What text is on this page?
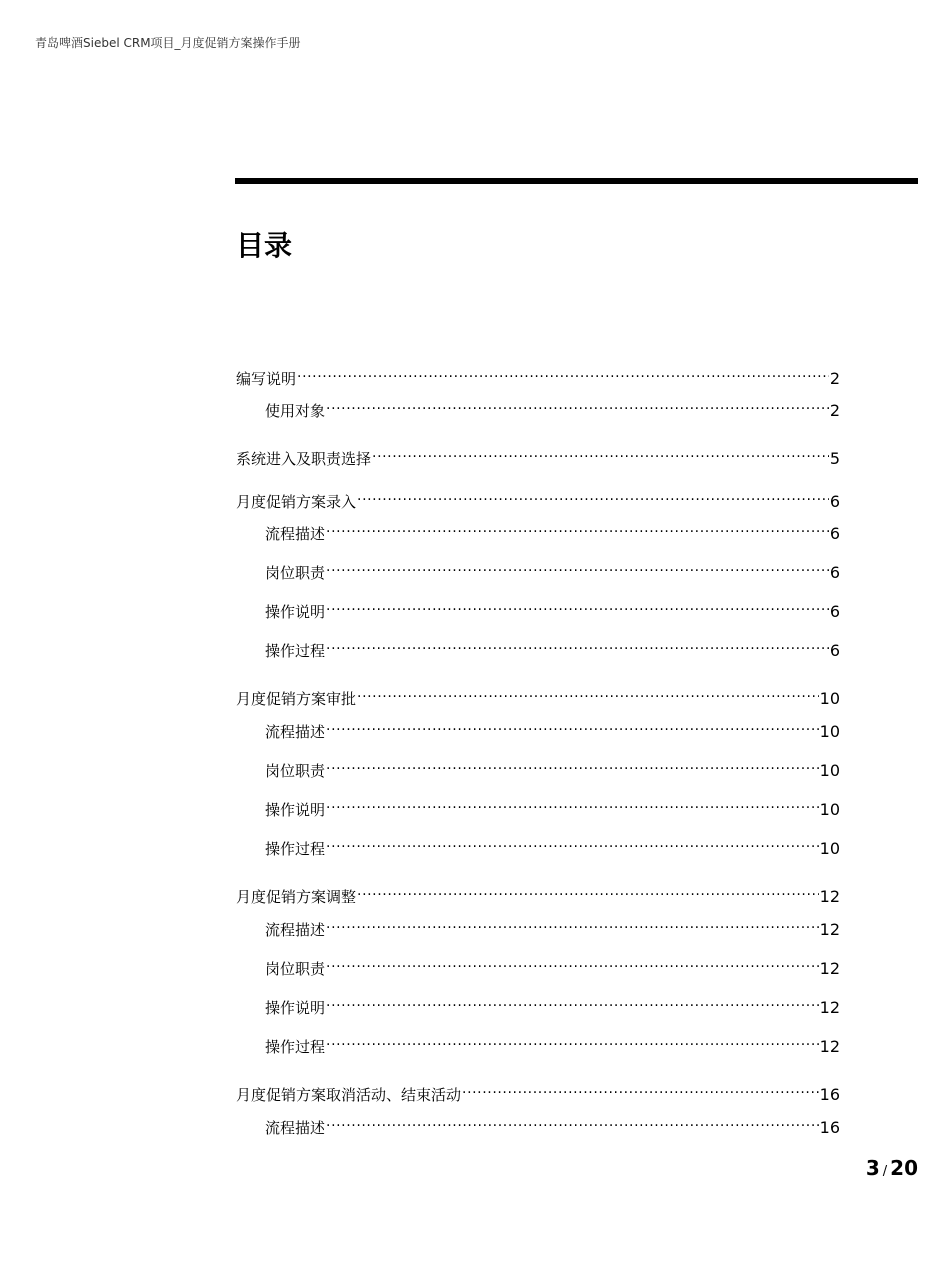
青岛啤酒Siebel CRM项目_月度促销方案操作手册
目录
编写说明 .....	2
使用对象 .....	2
系统进入及职责选择 .....	5
月度促销方案录入 .....	6
流程描述 .....	6
岗位职责 .....	6
操作说明 .....	6
操作过程 .....	6
月度促销方案审批 .....	10
流程描述 .....	10
岗位职责 .....	10
操作说明 .....	10
操作过程 .....	10
月度促销方案调整 .....	12
流程描述 .....	12
岗位职责 .....	12
操作说明 .....	12
操作过程 .....	12
月度促销方案取消活动、结束活动 .....	16
流程描述 .....	16
3 / 20
